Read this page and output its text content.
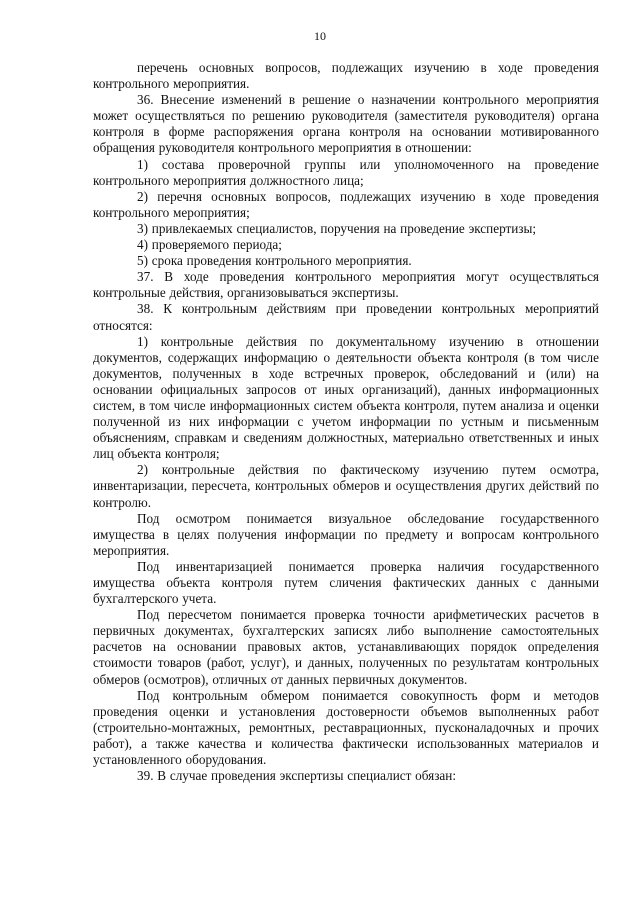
10

перечень основных вопросов, подлежащих изучению в ходе проведения контрольного мероприятия.

36. Внесение изменений в решение о назначении контрольного мероприятия может осуществляться по решению руководителя (заместителя руководителя) органа контроля в форме распоряжения органа контроля на основании мотивированного обращения руководителя контрольного мероприятия в отношении:

1) состава проверочной группы или уполномоченного на проведение контрольного мероприятия должностного лица;

2) перечня основных вопросов, подлежащих изучению в ходе проведения контрольного мероприятия;

3) привлекаемых специалистов, поручения на проведение экспертизы;

4) проверяемого периода;

5) срока проведения контрольного мероприятия.

37. В ходе проведения контрольного мероприятия могут осуществляться контрольные действия, организовываться экспертизы.

38. К контрольным действиям при проведении контрольных мероприятий относятся:

1) контрольные действия по документальному изучению в отношении документов, содержащих информацию о деятельности объекта контроля (в том числе документов, полученных в ходе встречных проверок, обследований и (или) на основании официальных запросов от иных организаций), данных информационных систем, в том числе информационных систем объекта контроля, путем анализа и оценки полученной из них информации с учетом информации по устным и письменным объяснениям, справкам и сведениям должностных, материально ответственных и иных лиц объекта контроля;

2) контрольные действия по фактическому изучению путем осмотра, инвентаризации, пересчета, контрольных обмеров и осуществления других действий по контролю.

Под осмотром понимается визуальное обследование государственного имущества в целях получения информации по предмету и вопросам контрольного мероприятия.

Под инвентаризацией понимается проверка наличия государственного имущества объекта контроля путем сличения фактических данных с данными бухгалтерского учета.

Под пересчетом понимается проверка точности арифметических расчетов в первичных документах, бухгалтерских записях либо выполнение самостоятельных расчетов на основании правовых актов, устанавливающих порядок определения стоимости товаров (работ, услуг), и данных, полученных по результатам контрольных обмеров (осмотров), отличных от данных первичных документов.

Под контрольным обмером понимается совокупность форм и методов проведения оценки и установления достоверности объемов выполненных работ (строительно-монтажных, ремонтных, реставрационных, пусконаладочных и прочих работ), а также качества и количества фактически использованных материалов и установленного оборудования.

39. В случае проведения экспертизы специалист обязан:
